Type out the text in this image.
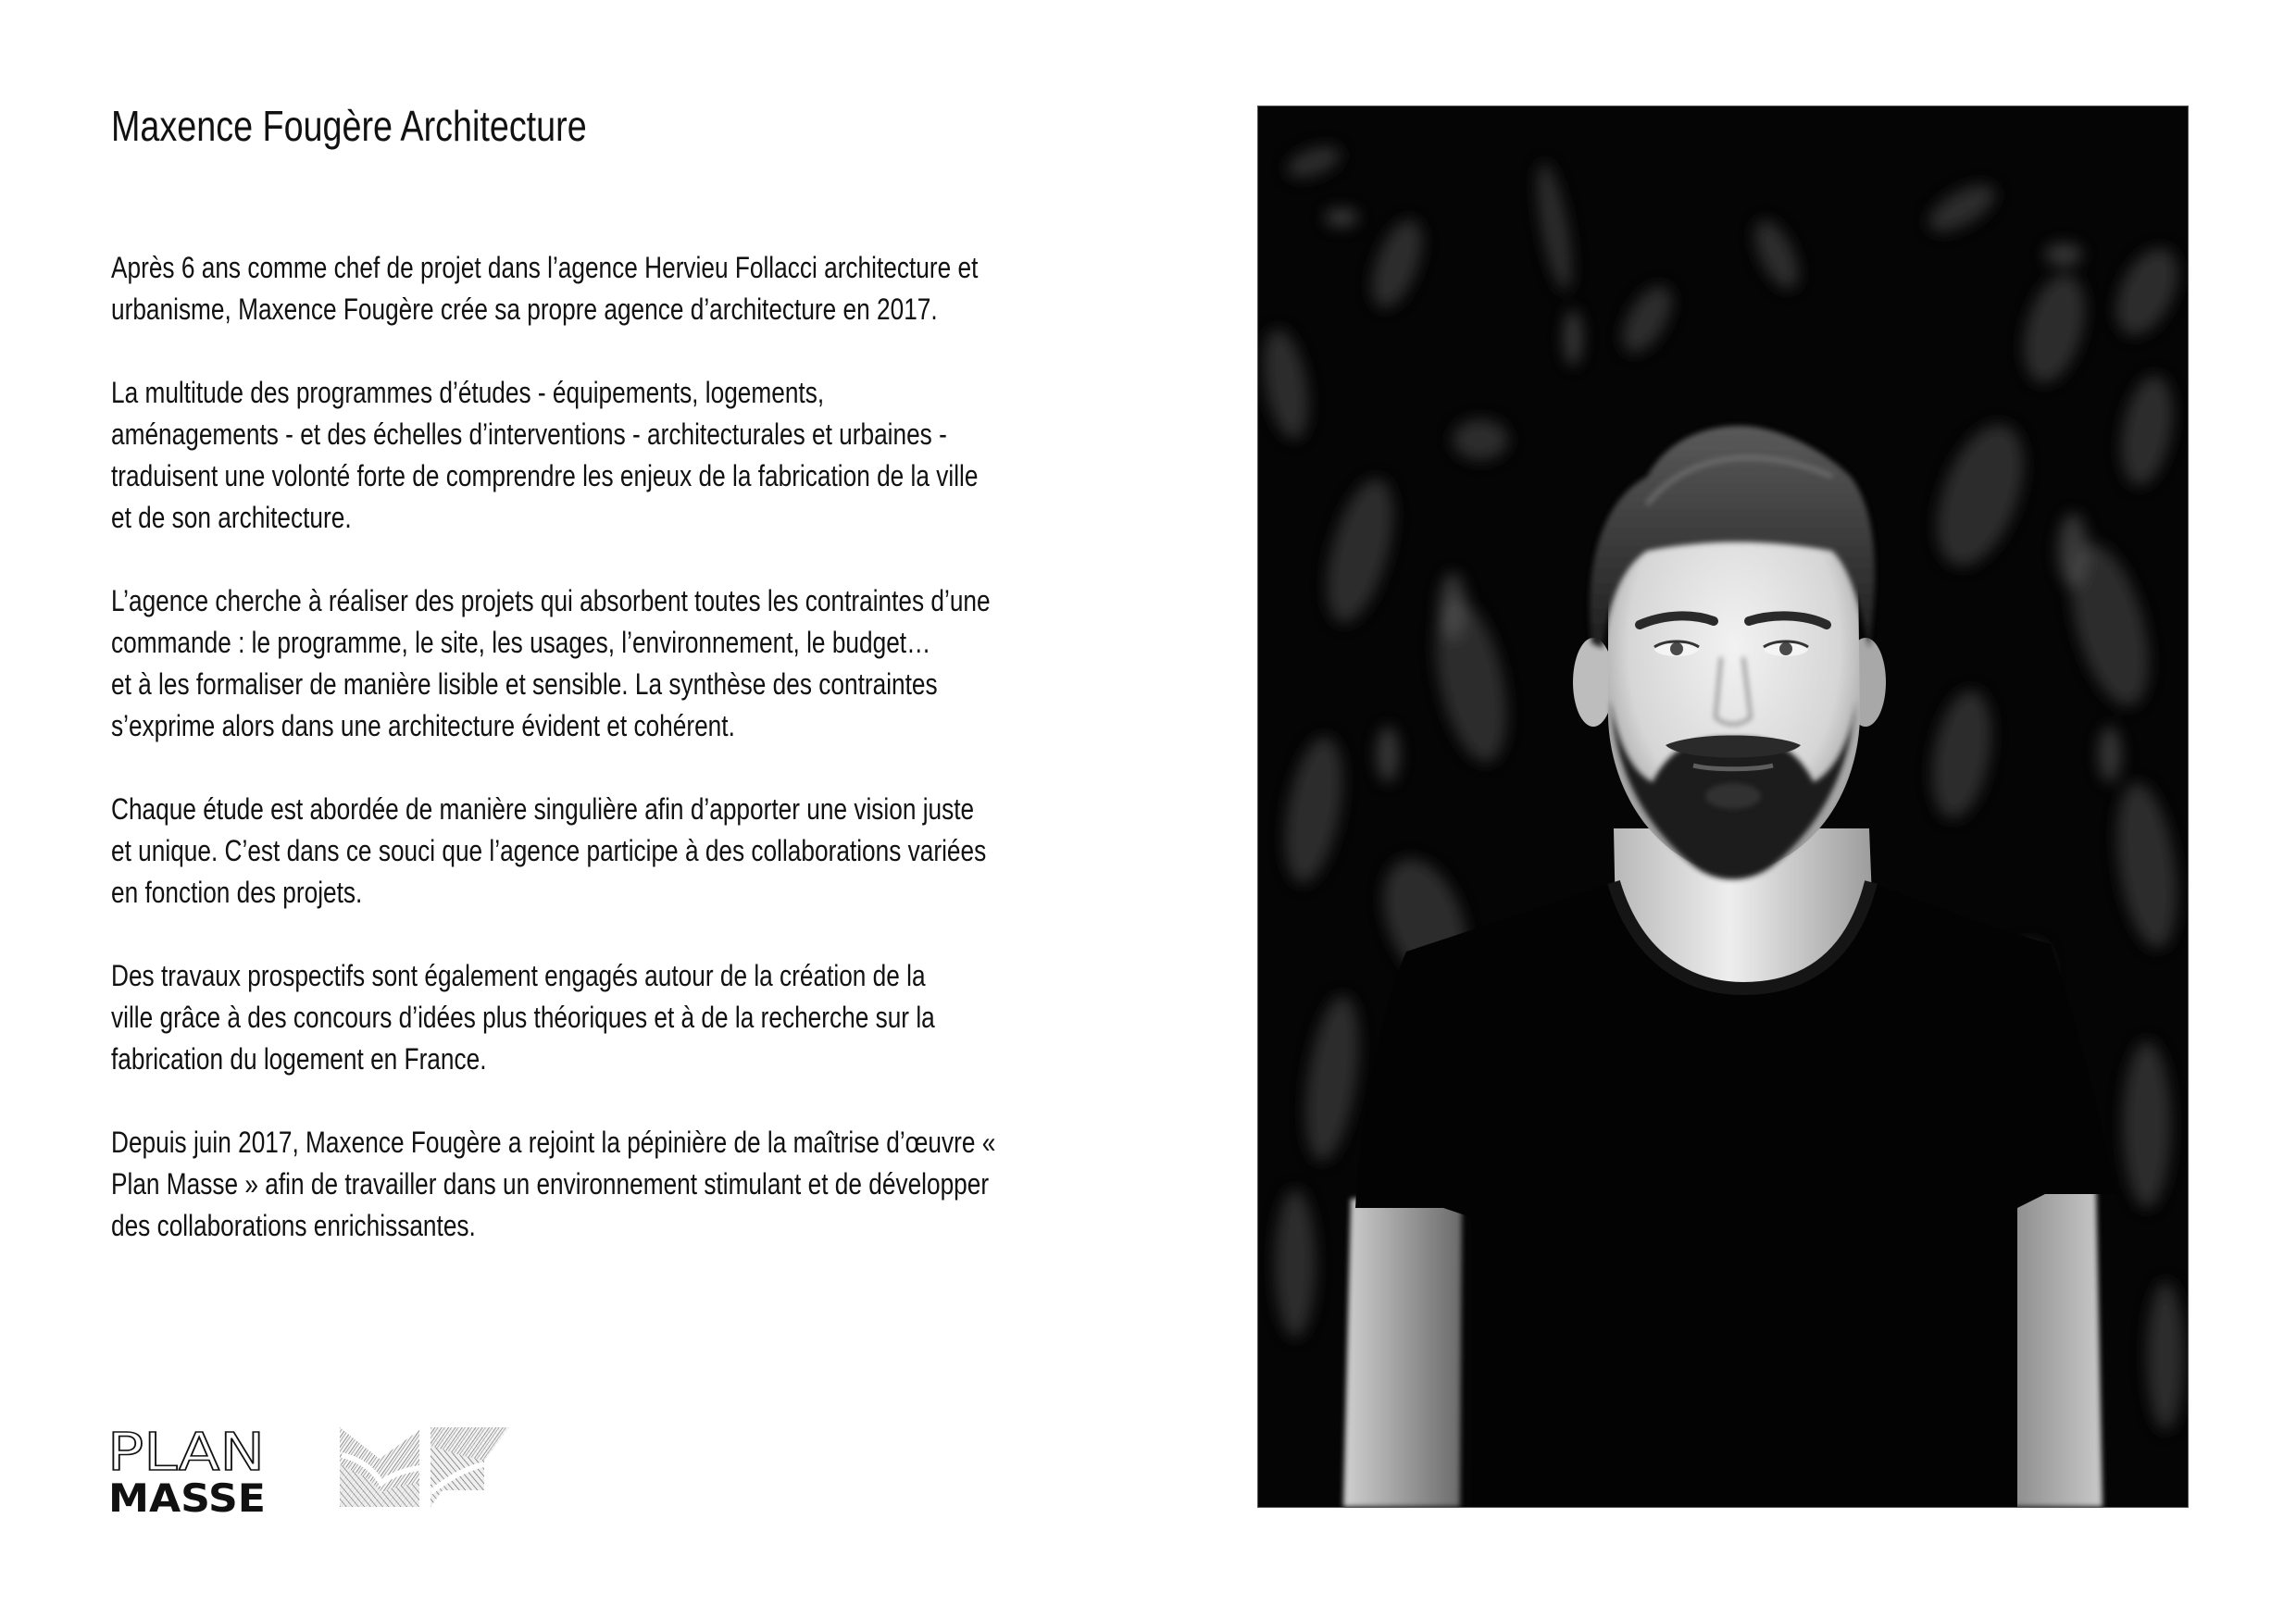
Maxence Fougère Architecture

Après 6 ans comme chef de projet dans l’agence Hervieu Follacci architecture et
urbanisme, Maxence Fougère crée sa propre agence d’architecture en 2017.

La multitude des programmes d’études - équipements, logements,
aménagements - et des échelles d’interventions - architecturales et urbaines -
traduisent une volonté forte de comprendre les enjeux de la fabrication de la ville
et de son architecture.

L’agence cherche à réaliser des projets qui absorbent toutes les contraintes d’une
commande : le programme, le site, les usages, l’environnement, le budget…
et à les formaliser de manière lisible et sensible. La synthèse des contraintes
s’exprime alors dans une architecture évident et cohérent.

Chaque étude est abordée de manière singulière afin d’apporter une vision juste
et unique. C’est dans ce souci que l’agence participe à des collaborations variées
en fonction des projets.

Des travaux prospectifs sont également engagés autour de la création de la
ville grâce à des concours d’idées plus théoriques et à de la recherche sur la
fabrication du logement en France.

Depuis juin 2017, Maxence Fougère a rejoint la pépinière de la maîtrise d’œuvre «
Plan Masse » afin de travailler dans un environnement stimulant et de développer
des collaborations enrichissantes.

PLAN
MASSE
